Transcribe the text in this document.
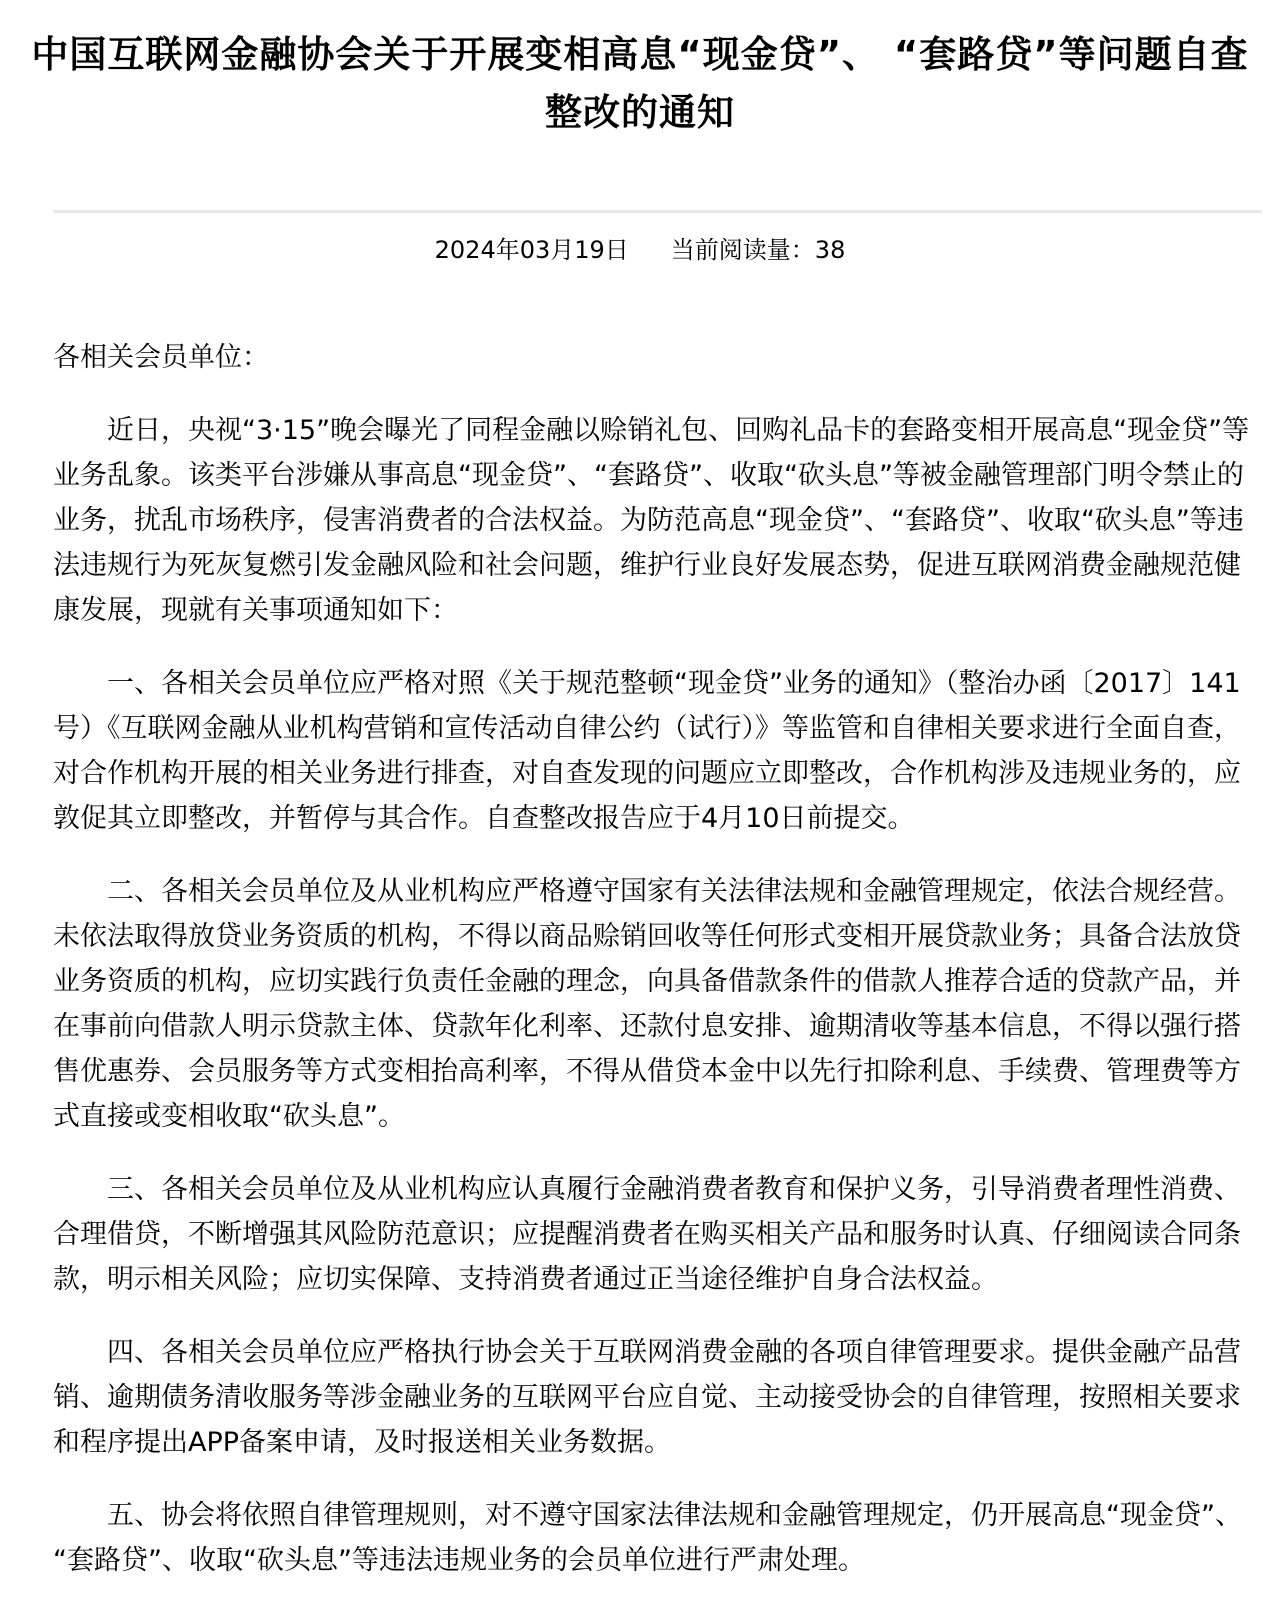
中国互联网金融协会关于开展变相高息“现金贷”、 “套路贷”等问题自查整改的通知
2024年03月19日 当前阅读量：38

各相关会员单位：

近日，央视“3·15”晚会曝光了同程金融以赊销礼包、回购礼品卡的套路变相开展高息“现金贷”等业务乱象。该类平台涉嫌从事高息“现金贷”、“套路贷”、收取“砍头息”等被金融管理部门明令禁止的业务，扰乱市场秩序，侵害消费者的合法权益。为防范高息“现金贷”、“套路贷”、收取“砍头息”等违法违规行为死灰复燃引发金融风险和社会问题，维护行业良好发展态势，促进互联网消费金融规范健康发展，现就有关事项通知如下：

一、各相关会员单位应严格对照《关于规范整顿“现金贷”业务的通知》（整治办函〔2017〕141号）《互联网金融从业机构营销和宣传活动自律公约（试行）》等监管和自律相关要求进行全面自查，对合作机构开展的相关业务进行排查，对自查发现的问题应立即整改，合作机构涉及违规业务的，应敦促其立即整改，并暂停与其合作。自查整改报告应于4月10日前提交。

二、各相关会员单位及从业机构应严格遵守国家有关法律法规和金融管理规定，依法合规经营。未依法取得放贷业务资质的机构，不得以商品赊销回收等任何形式变相开展贷款业务；具备合法放贷业务资质的机构，应切实践行负责任金融的理念，向具备借款条件的借款人推荐合适的贷款产品，并在事前向借款人明示贷款主体、贷款年化利率、还款付息安排、逾期清收等基本信息，不得以强行搭售优惠券、会员服务等方式变相抬高利率，不得从借贷本金中以先行扣除利息、手续费、管理费等方式直接或变相收取“砍头息”。

三、各相关会员单位及从业机构应认真履行金融消费者教育和保护义务，引导消费者理性消费、合理借贷，不断增强其风险防范意识；应提醒消费者在购买相关产品和服务时认真、仔细阅读合同条款，明示相关风险；应切实保障、支持消费者通过正当途径维护自身合法权益。

四、各相关会员单位应严格执行协会关于互联网消费金融的各项自律管理要求。提供金融产品营销、逾期债务清收服务等涉金融业务的互联网平台应自觉、主动接受协会的自律管理，按照相关要求和程序提出APP备案申请，及时报送相关业务数据。

五、协会将依照自律管理规则，对不遵守国家法律法规和金融管理规定，仍开展高息“现金贷”、“套路贷”、收取“砍头息”等违法违规业务的会员单位进行严肃处理。
